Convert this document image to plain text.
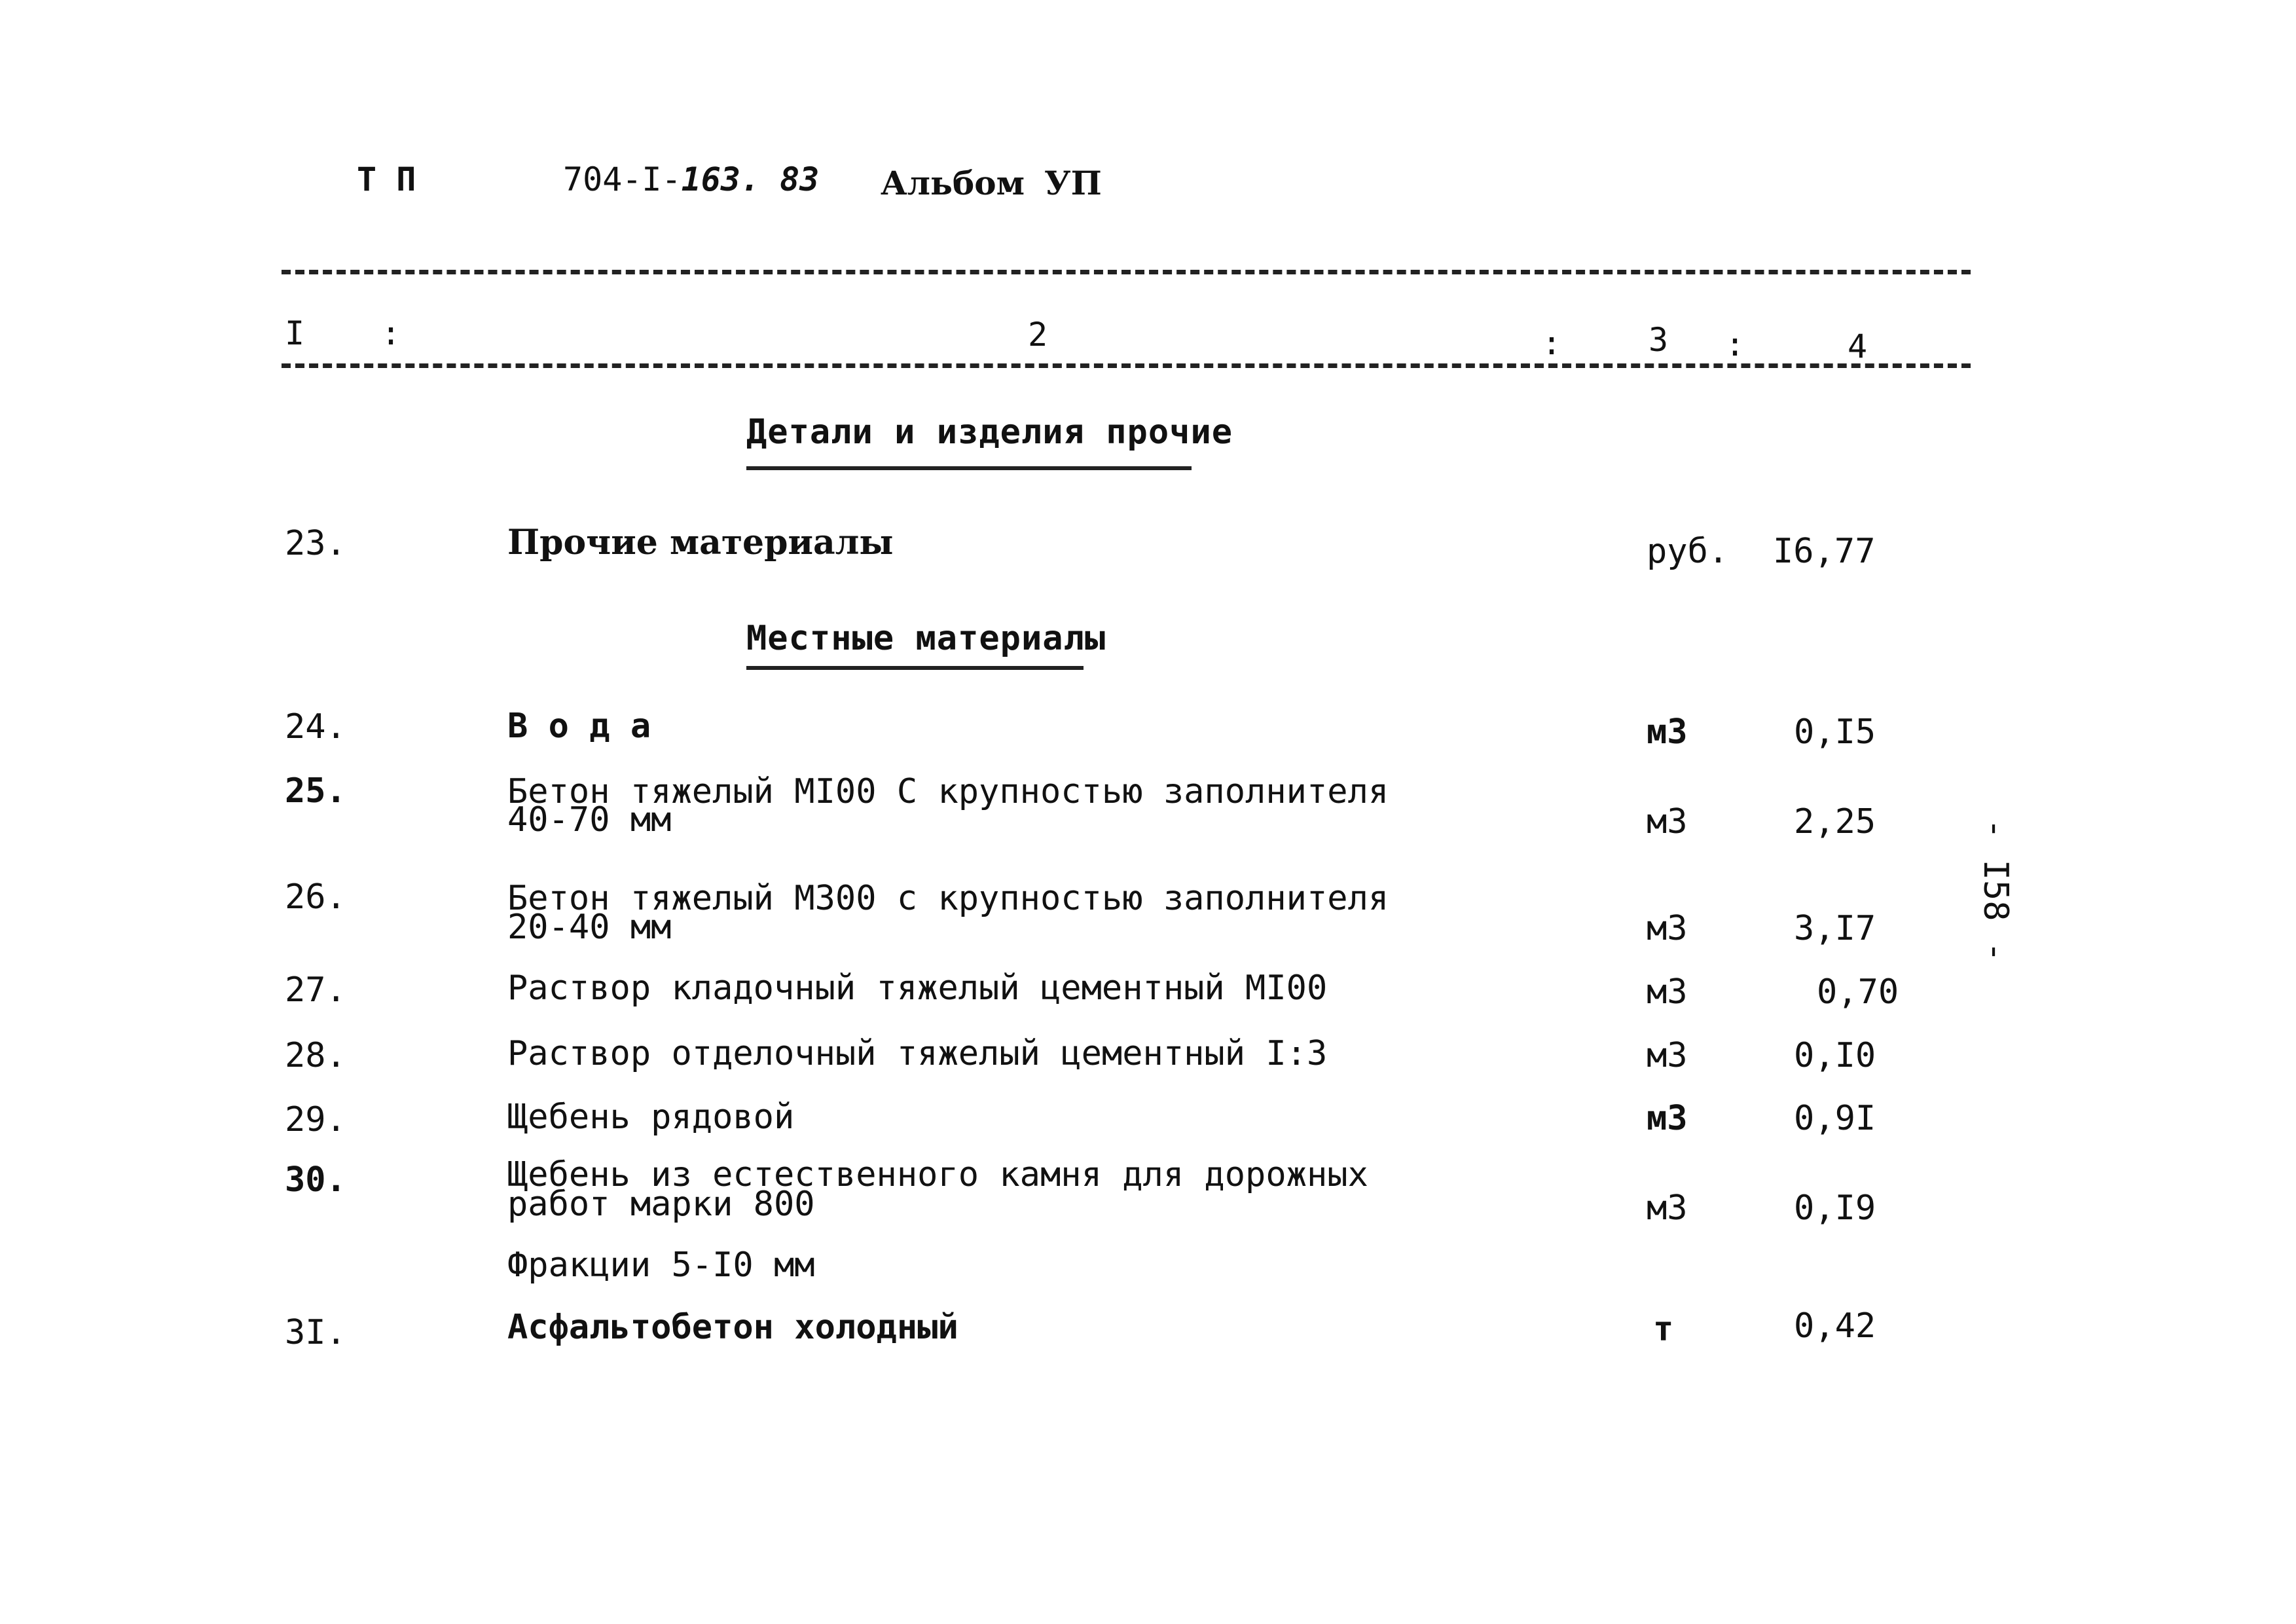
Т П	704-I-163. 83 Альбом УП
I :	2	:	3 :	4
Детали и изделия прочие
23.	Прочие материалы	руб. I6,77
Местные материалы
24.	В о д а	м3	0,I5
25.	Бетон тяжелый МI00 С крупностью заполнителя
40-70 мм	м3	2,25
26.	Бетон тяжелый М300 с крупностью заполнителя
20-40 мм	м3	3,I7
27.	Раствор кладочный тяжелый цементный МI00	м3	0,70
28.	Раствор отделочный тяжелый цементный I:3	м3	0,I0
29.	Щебень рядовой	м3	0,9I
30.	Щебень из естественного камня для дорожных
работ марки 800	м3	0,I9
Фракции 5-I0 мм
3I.	Асфальтобетон холодный	т	0,42
- I58 -
